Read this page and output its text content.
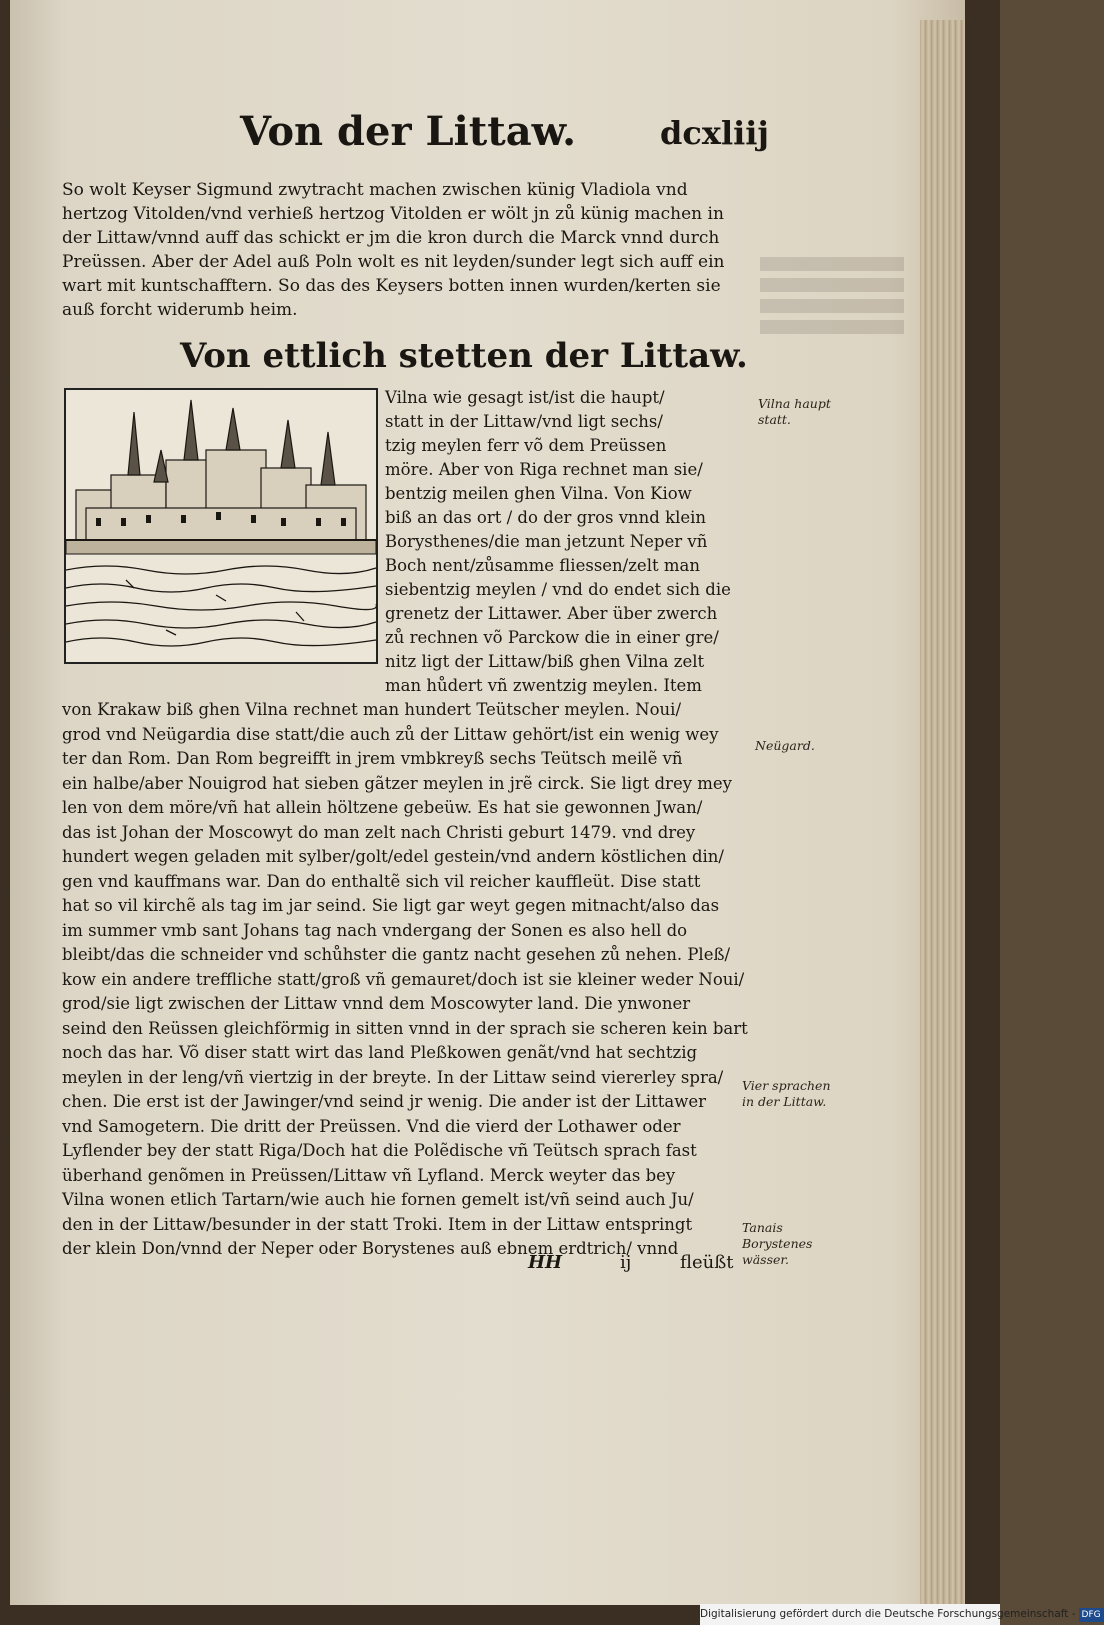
Von der Littaw.	dcxliij
So wolt Keyser Sigmund zwytracht machen zwischen künig Vladiola vnd
hertzog Vitolden/vnd verhieß hertzog Vitolden er wölt jn zů künig machen in
der Littaw/vnnd auff das schickt er jm die kron durch die Marck vnnd durch
Preüssen. Aber der Adel auß Poln wolt es nit leyden/sunder legt sich auff ein
wart mit kuntschafftern. So das des Keysers botten innen wurden/kerten sie
auß forcht widerumb heim.
Von ettlich stetten der Littaw.
Vilna wie gesagt ist/ist die haupt/
statt in der Littaw/vnd ligt sechs/
tzig meylen ferr võ dem Preüssen
möre. Aber von Riga rechnet man sie/
bentzig meilen ghen Vilna. Von Kiow
biß an das ort / do der gros vnnd klein
Borysthenes/die man jetzunt Neper vñ
Boch nent/zůsamme fliessen/zelt man
siebentzig meylen / vnd do endet sich die
grenetz der Littawer. Aber über zwerch
zů rechnen võ Parckow die in einer gre/
nitz ligt der Littaw/biß ghen Vilna zelt
man hůdert vñ zwentzig meylen. Item
von Krakaw biß ghen Vilna rechnet man hundert Teütscher meylen. Noui/
grod vnd Neügardia dise statt/die auch zů der Littaw gehört/ist ein wenig wey
ter dan Rom. Dan Rom begreifft in jrem vmbkreyß sechs Teütsch meilẽ vñ
ein halbe/aber Nouigrod hat sieben gãtzer meylen in jrẽ circk. Sie ligt drey mey
len von dem möre/vñ hat allein höltzene gebeüw. Es hat sie gewonnen Jwan/
das ist Johan der Moscowyt do man zelt nach Christi geburt 1479. vnd drey
hundert wegen geladen mit sylber/golt/edel gestein/vnd andern köstlichen din/
gen vnd kauffmans war. Dan do enthaltẽ sich vil reicher kauffleüt. Dise statt
hat so vil kirchẽ als tag im jar seind. Sie ligt gar weyt gegen mitnacht/also das
im summer vmb sant Johans tag nach vndergang der Sonen es also hell do
bleibt/das die schneider vnd schůhster die gantz nacht gesehen zů nehen. Pleß/
kow ein andere treffliche statt/groß vñ gemauret/doch ist sie kleiner weder Noui/
grod/sie ligt zwischen der Littaw vnnd dem Moscowyter land. Die ynwoner
seind den Reüssen gleichförmig in sitten vnnd in der sprach sie scheren kein bart
noch das har. Võ diser statt wirt das land Pleßkowen genãt/vnd hat sechtzig
meylen in der leng/vñ viertzig in der breyte. In der Littaw seind viererley spra/
chen. Die erst ist der Jawinger/vnd seind jr wenig. Die ander ist der Littawer
vnd Samogetern. Die dritt der Preüssen. Vnd die vierd der Lothawer oder
Lyflender bey der statt Riga/Doch hat die Polẽdische vñ Teütsch sprach fast
überhand genõmen in Preüssen/Littaw vñ Lyfland. Merck weyter das bey
Vilna wonen etlich Tartarn/wie auch hie fornen gemelt ist/vñ seind auch Ju/
den in der Littaw/besunder in der statt Troki. Item in der Littaw entspringt
der klein Don/vnnd der Neper oder Borystenes auß ebnem erdtrich/ vnnd
Vilna haupt statt.
Neügard.
Vier sprachen in der Littaw.
Tanais Borystenes wässer.
HH	ij	fleüßt
Digitalisierung gefördert durch die Deutsche Forschungsgemeinschaft - DFG
